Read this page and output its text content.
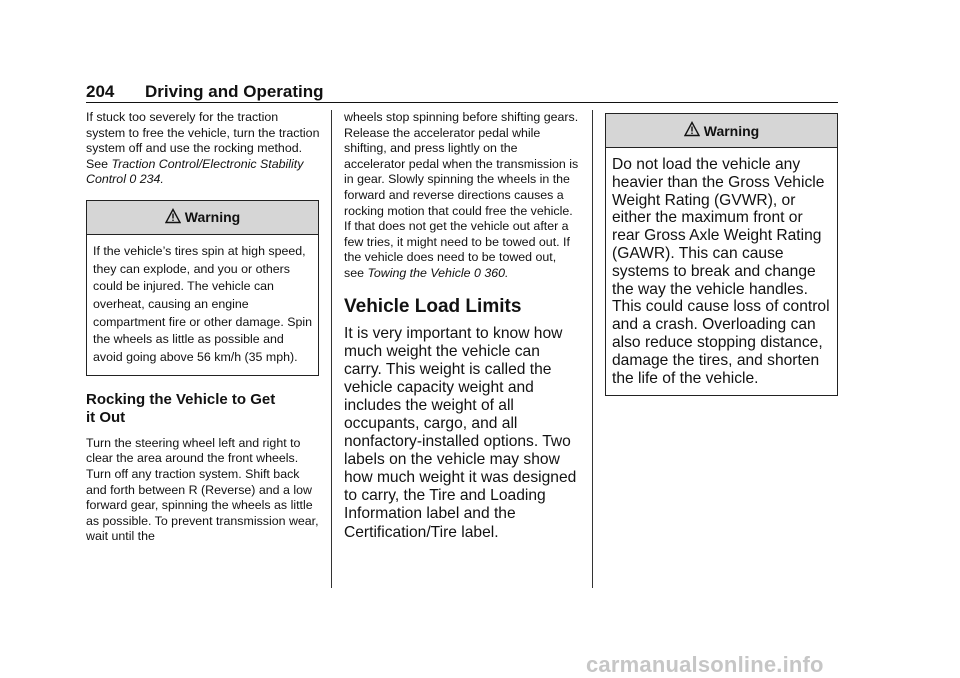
204 Driving and Operating

If stuck too severely for the traction system to free the vehicle, turn the traction system off and use the rocking method. See Traction Control/Electronic Stability Control 0 234.

Warning

If the vehicle’s tires spin at high speed, they can explode, and you or others could be injured. The vehicle can overheat, causing an engine compartment fire or other damage. Spin the wheels as little as possible and avoid going above 56 km/h (35 mph).

Rocking the Vehicle to Get
it Out

Turn the steering wheel left and right to clear the area around the front wheels. Turn off any traction system. Shift back and forth between R (Reverse) and a low forward gear, spinning the wheels as little as possible. To prevent transmission wear, wait until the

wheels stop spinning before shifting gears. Release the accelerator pedal while shifting, and press lightly on the accelerator pedal when the transmission is in gear. Slowly spinning the wheels in the forward and reverse directions causes a rocking motion that could free the vehicle. If that does not get the vehicle out after a few tries, it might need to be towed out. If the vehicle does need to be towed out, see Towing the Vehicle 0 360.

Vehicle Load Limits

It is very important to know how much weight the vehicle can carry. This weight is called the vehicle capacity weight and includes the weight of all occupants, cargo, and all nonfactory-installed options. Two labels on the vehicle may show how much weight it was designed to carry, the Tire and Loading Information label and the Certification/Tire label.

Warning

Do not load the vehicle any heavier than the Gross Vehicle Weight Rating (GVWR), or either the maximum front or rear Gross Axle Weight Rating (GAWR). This can cause systems to break and change the way the vehicle handles. This could cause loss of control and a crash. Overloading can also reduce stopping distance, damage the tires, and shorten the life of the vehicle.

carmanualsonline.info
